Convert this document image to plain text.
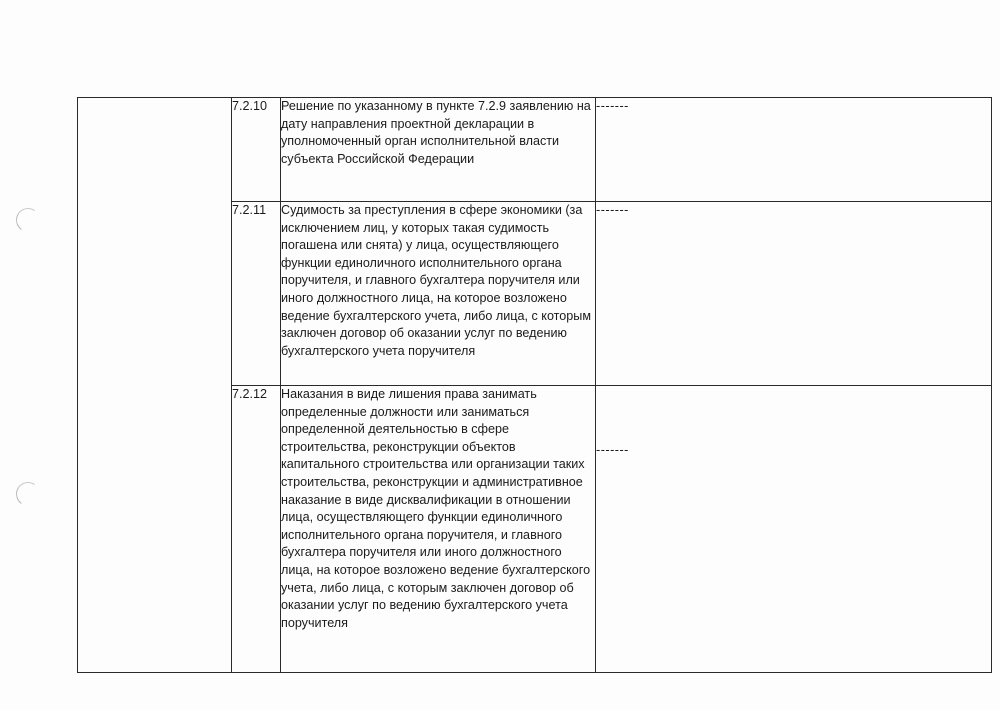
	7.2.10	Решение по указанному в пункте 7.2.9 заявлению на дату направления проектной декларации в уполномоченный орган исполнительной власти субъекта Российской Федерации	-------
	7.2.11	Судимость за преступления в сфере экономики (за исключением лиц, у которых такая судимость погашена или снята) у лица, осуществляющего функции единоличного исполнительного органа поручителя, и главного бухгалтера поручителя или иного должностного лица, на которое возложено ведение бухгалтерского учета, либо лица, с которым заключен договор об оказании услуг по ведению бухгалтерского учета поручителя	-------
	7.2.12	Наказания в виде лишения права занимать определенные должности или заниматься определенной деятельностью в сфере строительства, реконструкции объектов капитального строительства или организации таких строительства, реконструкции и административное наказание в виде дисквалификации в отношении лица, осуществляющего функции единоличного исполнительного органа поручителя, и главного бухгалтера поручителя или иного должностного лица, на которое возложено ведение бухгалтерского учета, либо лица, с которым заключен договор об оказании услуг по ведению бухгалтерского учета поручителя	-------
